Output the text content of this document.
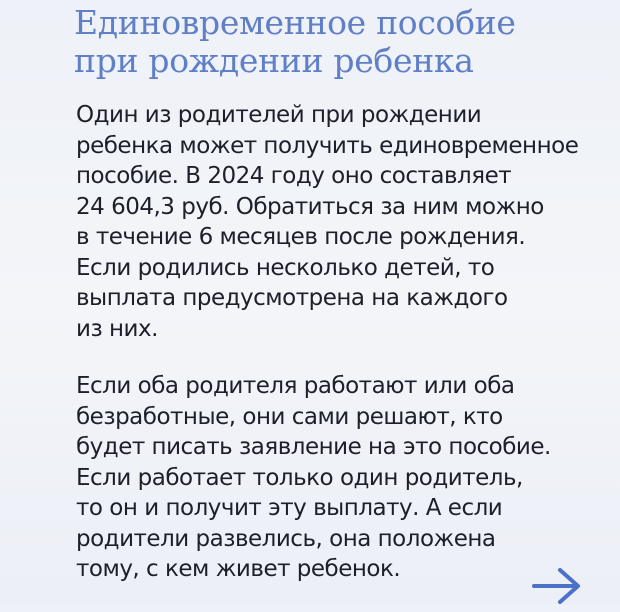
Единовременное пособие
при рождении ребенка

Один из родителей при рождении
ребенка может получить единовременное
пособие. В 2024 году оно составляет
24 604,3 руб. Обратиться за ним можно
в течение 6 месяцев после рождения.
Если родились несколько детей, то
выплата предусмотрена на каждого
из них.

Если оба родителя работают или оба
безработные, они сами решают, кто
будет писать заявление на это пособие.
Если работает только один родитель,
то он и получит эту выплату. А если
родители развелись, она положена
тому, с кем живет ребенок.
